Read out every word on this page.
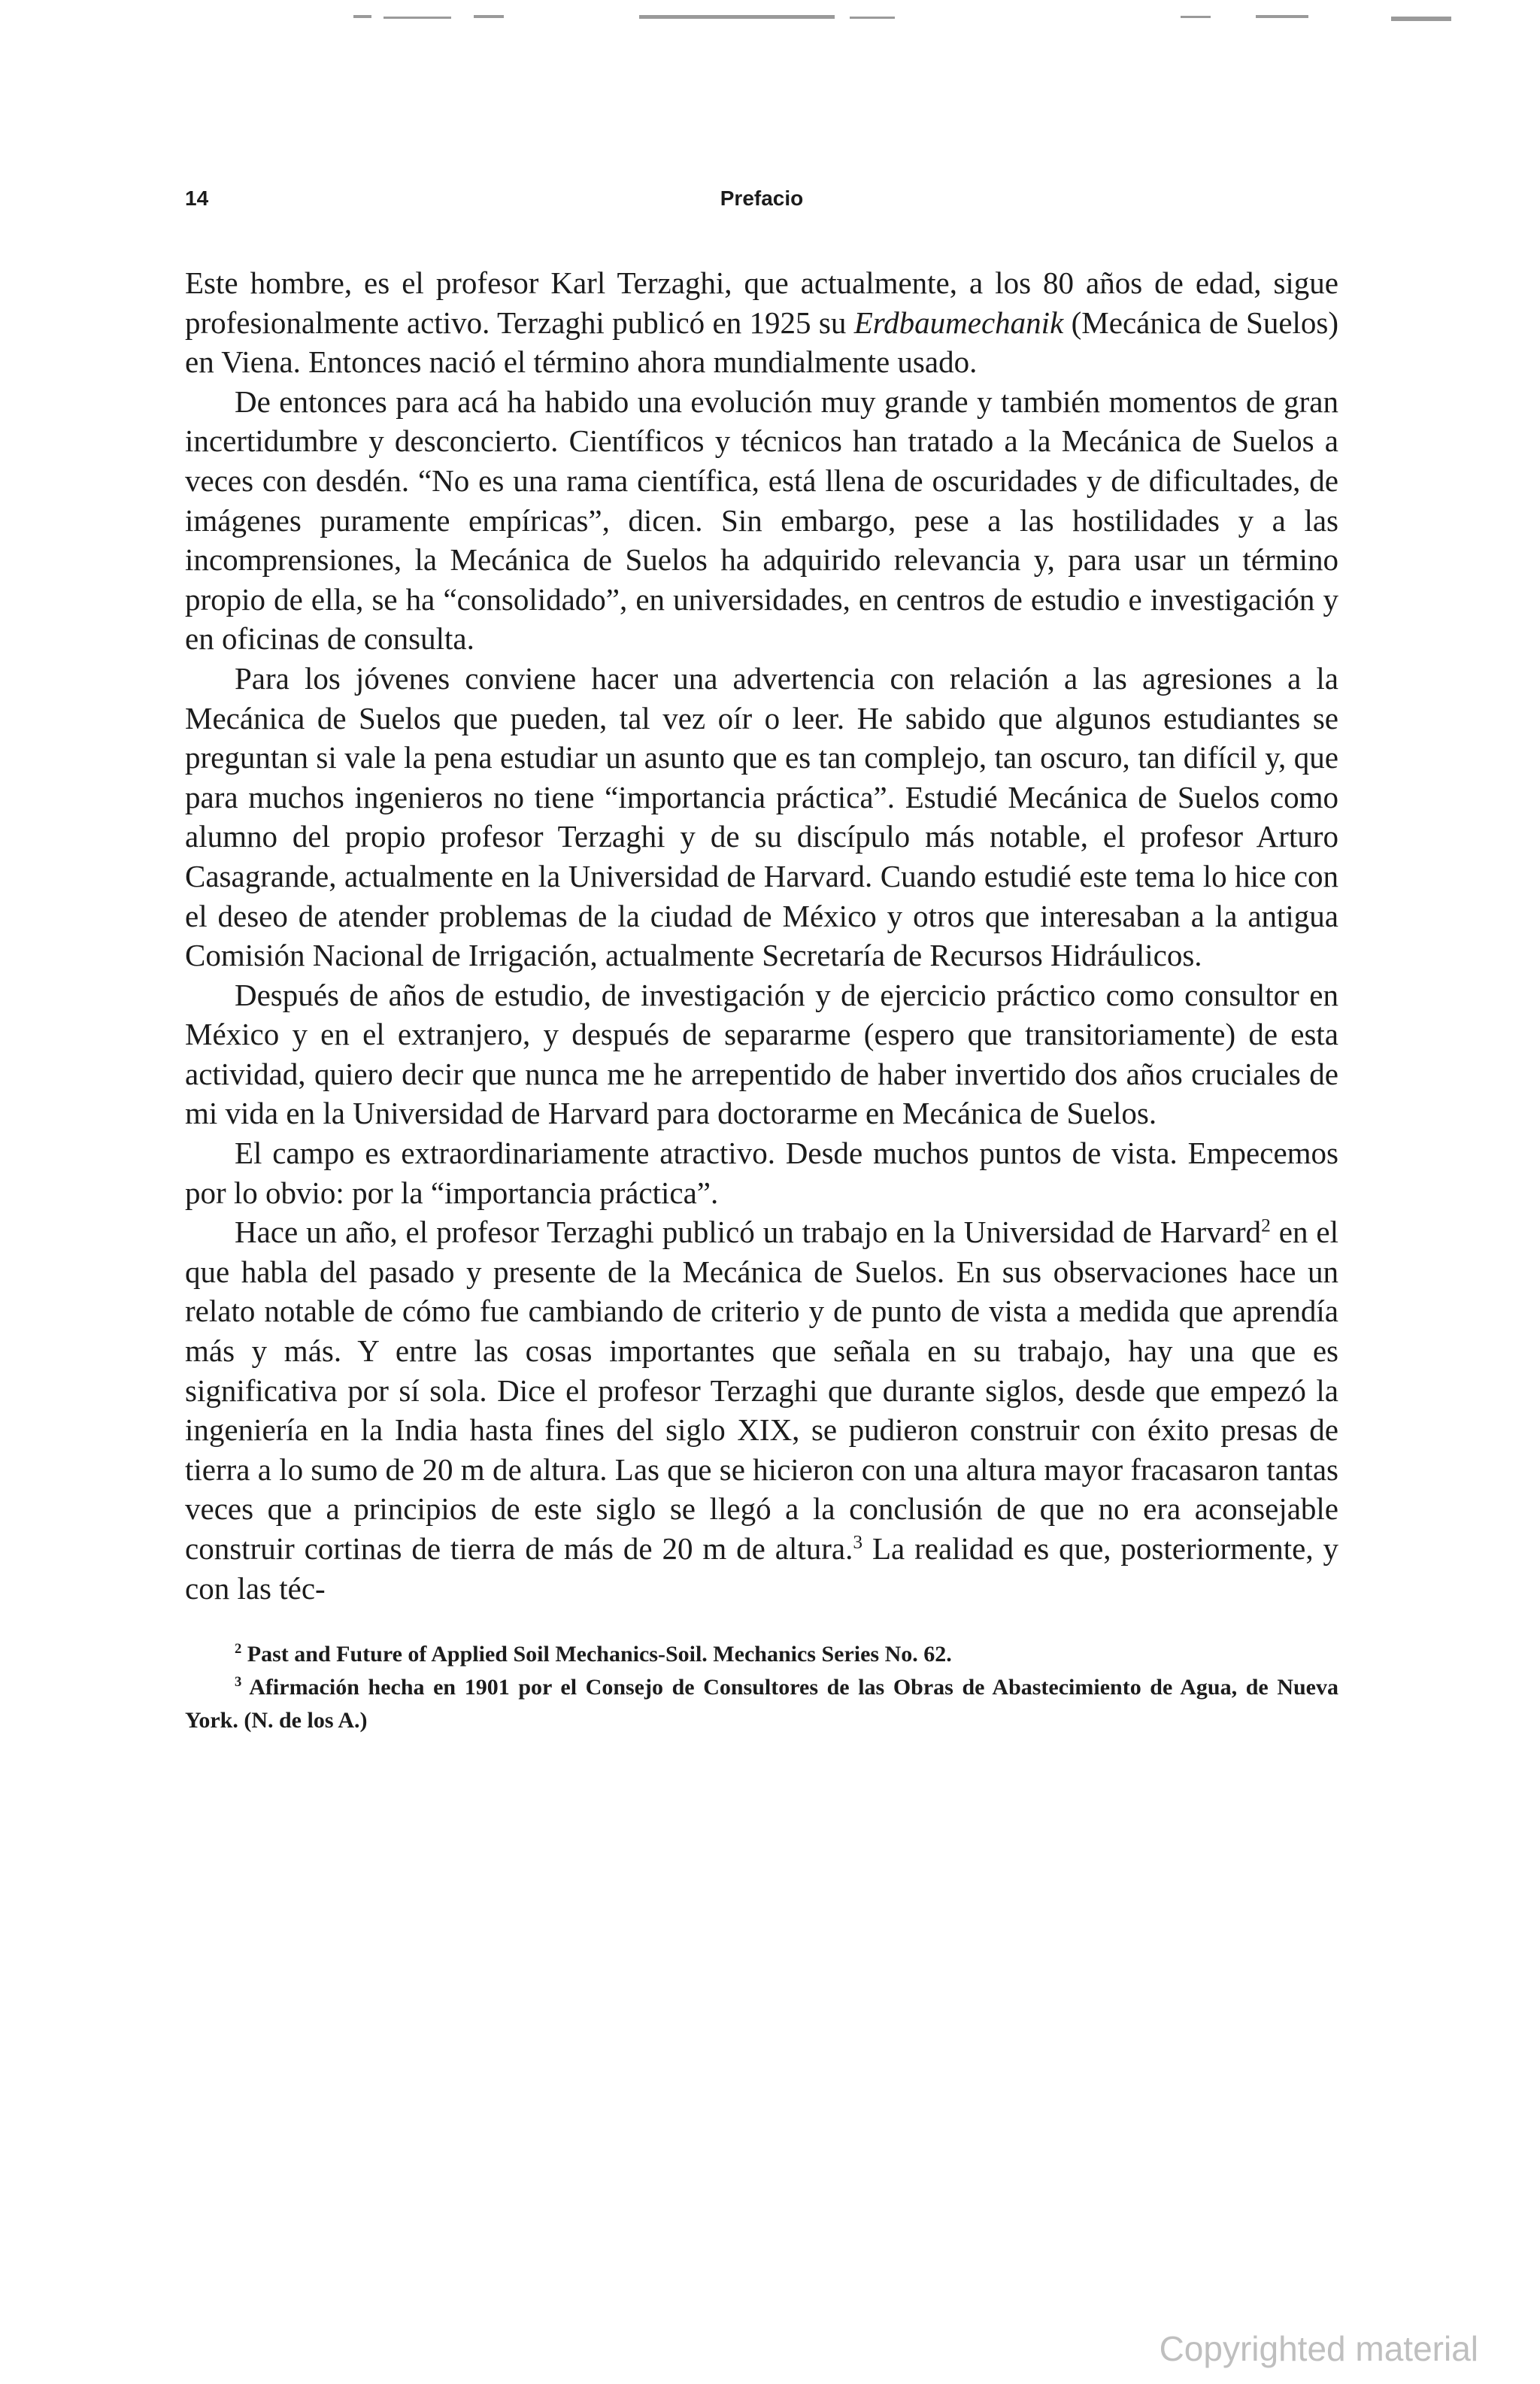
14	Prefacio

Este hombre, es el profesor Karl Terzaghi, que actualmente, a los 80 años de edad, sigue profesionalmente activo. Terzaghi publicó en 1925 su Erdbaumechanik (Mecánica de Suelos) en Viena. Entonces nació el término ahora mundialmente usado.

De entonces para acá ha habido una evolución muy grande y también momentos de gran incertidumbre y desconcierto. Científicos y técnicos han tratado a la Mecánica de Suelos a veces con desdén. “No es una rama científica, está llena de oscuridades y de dificultades, de imágenes puramente empíricas”, dicen. Sin embargo, pese a las hostilidades y a las incomprensiones, la Mecánica de Suelos ha adquirido relevancia y, para usar un término propio de ella, se ha “consolidado”, en universidades, en centros de estudio e investigación y en oficinas de consulta.

Para los jóvenes conviene hacer una advertencia con relación a las agresiones a la Mecánica de Suelos que pueden, tal vez oír o leer. He sabido que algunos estudiantes se preguntan si vale la pena estudiar un asunto que es tan complejo, tan oscuro, tan difícil y, que para muchos ingenieros no tiene “importancia práctica”. Estudié Mecánica de Suelos como alumno del propio profesor Terzaghi y de su discípulo más notable, el profesor Arturo Casagrande, actualmente en la Universidad de Harvard. Cuando estudié este tema lo hice con el deseo de atender problemas de la ciudad de México y otros que interesaban a la antigua Comisión Nacional de Irrigación, actualmente Secretaría de Recursos Hidráulicos.

Después de años de estudio, de investigación y de ejercicio práctico como consultor en México y en el extranjero, y después de separarme (espero que transitoriamente) de esta actividad, quiero decir que nunca me he arrepentido de haber invertido dos años cruciales de mi vida en la Universidad de Harvard para doctorarme en Mecánica de Suelos.

El campo es extraordinariamente atractivo. Desde muchos puntos de vista. Empecemos por lo obvio: por la “importancia práctica”.

Hace un año, el profesor Terzaghi publicó un trabajo en la Universidad de Harvard$^2$ en el que habla del pasado y presente de la Mecánica de Suelos. En sus observaciones hace un relato notable de cómo fue cambiando de criterio y de punto de vista a medida que aprendía más y más. Y entre las cosas importantes que señala en su trabajo, hay una que es significativa por sí sola. Dice el profesor Terzaghi que durante siglos, desde que empezó la ingeniería en la India hasta fines del siglo XIX, se pudieron construir con éxito presas de tierra a lo sumo de 20 m de altura. Las que se hicieron con una altura mayor fracasaron tantas veces que a principios de este siglo se llegó a la conclusión de que no era aconsejable construir cortinas de tierra de más de 20 m de altura.$^3$ La realidad es que, posteriormente, y con las téc-

$^2$ Past and Future of Applied Soil Mechanics-Soil. Mechanics Series No. 62.

$^3$ Afirmación hecha en 1901 por el Consejo de Consultores de las Obras de Abastecimiento de Agua, de Nueva York. (N. de los A.)

Copyrighted material
